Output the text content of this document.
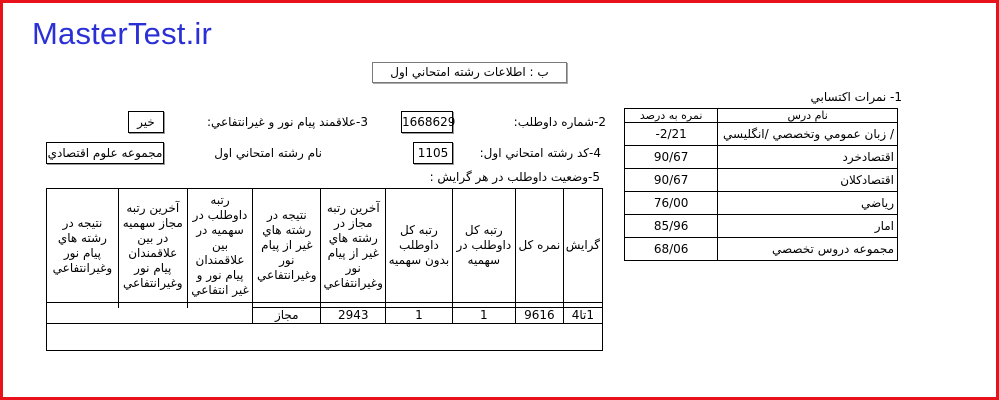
MasterTest.ir
ب : اطلاعات رشته امتحاني اول
1- نمرات اكتسابي
نمره به درصد	نام درس
-2/21	/ زبان عمومي وتخصصي /انگليسي
90/67	اقتصادخرد
90/67	اقتصادكلان
76/00	رياضي
85/96	امار
68/06	مجموعه دروس تخصصي
2-شماره داوطلب:
1668629
3-علاقمند پيام نور و غيرانتفاعي:
خير
4-كد رشته امتحاني اول:
1105
نام رشته امتحاني اول
مجموعه علوم اقتصادي
5-وضعيت داوطلب در هر گرايش :
گرايش	نمره كل	رتبه كل داوطلب در سهميه	رتبه كل داوطلب بدون سهميه	آخرين رتبه مجاز در رشته هاي غير از پيام نور وغيرانتفاعي	نتيجه در رشته هاي غير از پيام نور وغيرانتفاعي	رتبه داوطلب در سهميه در بين علاقمندان پيام نور و غير انتفاعي	آخرين رتبه مجاز سهميه در بين علاقمندان پيام نور وغيرانتفاعي	نتيجه در رشته هاي پيام نور وغيرانتفاعي

1تا4	9616	1	1	2943	مجاز			
